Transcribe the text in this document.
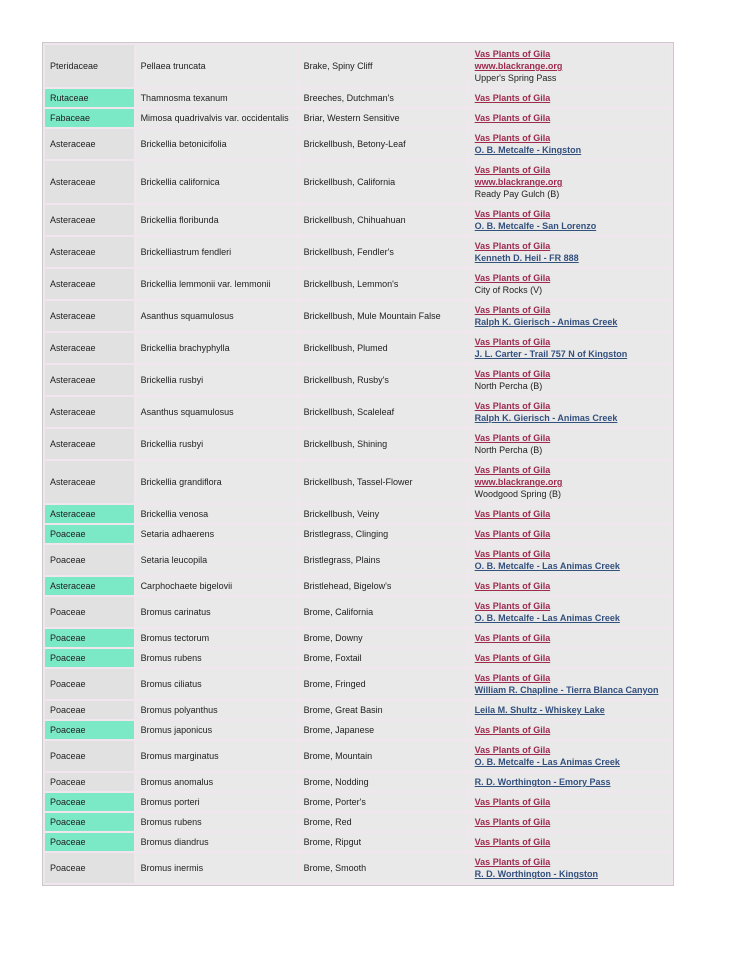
Pteridaceae	Pellaea truncata	Brake, Spiny Cliff	Vas Plants of Gila
www.blackrange.org
Upper's Spring Pass

Rutaceae	Thamnosma texanum	Breeches, Dutchman's	Vas Plants of Gila

Fabaceae	Mimosa quadrivalvis var. occidentalis	Briar, Western Sensitive	Vas Plants of Gila

Asteraceae	Brickellia betonicifolia	Brickellbush, Betony-Leaf	Vas Plants of Gila
O. B. Metcalfe - Kingston

Asteraceae	Brickellia californica	Brickellbush, California	Vas Plants of Gila
www.blackrange.org
Ready Pay Gulch (B)

Asteraceae	Brickellia floribunda	Brickellbush, Chihuahuan	Vas Plants of Gila
O. B. Metcalfe - San Lorenzo

Asteraceae	Brickelliastrum fendleri	Brickellbush, Fendler's	Vas Plants of Gila
Kenneth D. Heil - FR 888

Asteraceae	Brickellia lemmonii var. lemmonii	Brickellbush, Lemmon's	Vas Plants of Gila
City of Rocks (V)

Asteraceae	Asanthus squamulosus	Brickellbush, Mule Mountain False	Vas Plants of Gila
Ralph K. Gierisch - Animas Creek

Asteraceae	Brickellia brachyphylla	Brickellbush, Plumed	Vas Plants of Gila
J. L. Carter - Trail 757 N of Kingston

Asteraceae	Brickellia rusbyi	Brickellbush, Rusby's	Vas Plants of Gila
North Percha (B)

Asteraceae	Asanthus squamulosus	Brickellbush, Scaleleaf	Vas Plants of Gila
Ralph K. Gierisch - Animas Creek

Asteraceae	Brickellia rusbyi	Brickellbush, Shining	Vas Plants of Gila
North Percha (B)

Asteraceae	Brickellia grandiflora	Brickellbush, Tassel-Flower	Vas Plants of Gila
www.blackrange.org
Woodgood Spring (B)

Asteraceae	Brickellia venosa	Brickellbush, Veiny	Vas Plants of Gila

Poaceae	Setaria adhaerens	Bristlegrass, Clinging	Vas Plants of Gila

Poaceae	Setaria leucopila	Bristlegrass, Plains	Vas Plants of Gila
O. B. Metcalfe - Las Animas Creek

Asteraceae	Carphochaete bigelovii	Bristlehead, Bigelow's	Vas Plants of Gila

Poaceae	Bromus carinatus	Brome, California	Vas Plants of Gila
O. B. Metcalfe - Las Animas Creek

Poaceae	Bromus tectorum	Brome, Downy	Vas Plants of Gila

Poaceae	Bromus rubens	Brome, Foxtail	Vas Plants of Gila

Poaceae	Bromus ciliatus	Brome, Fringed	Vas Plants of Gila
William R. Chapline - Tierra Blanca Canyon

Poaceae	Bromus polyanthus	Brome, Great Basin	Leila M. Shultz - Whiskey Lake

Poaceae	Bromus japonicus	Brome, Japanese	Vas Plants of Gila

Poaceae	Bromus marginatus	Brome, Mountain	Vas Plants of Gila
O. B. Metcalfe - Las Animas Creek

Poaceae	Bromus anomalus	Brome, Nodding	R. D. Worthington - Emory Pass

Poaceae	Bromus porteri	Brome, Porter's	Vas Plants of Gila

Poaceae	Bromus rubens	Brome, Red	Vas Plants of Gila

Poaceae	Bromus diandrus	Brome, Ripgut	Vas Plants of Gila

Poaceae	Bromus inermis	Brome, Smooth	Vas Plants of Gila
R. D. Worthington - Kingston
